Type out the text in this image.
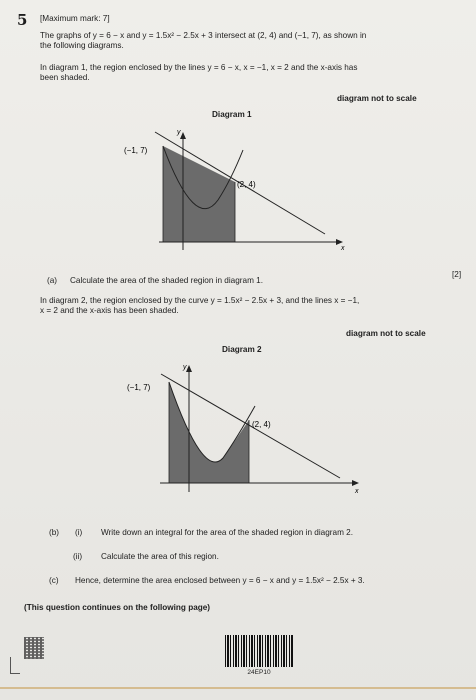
5 [Maximum mark: 7]
The graphs of y = 6 − x and y = 1.5x² − 2.5x + 3 intersect at (2, 4) and (−1, 7), as shown in
the following diagrams.
In diagram 1, the region enclosed by the lines y = 6 − x, x = −1, x = 2 and the x-axis has
been shaded.
diagram not to scale
Diagram 1
(−1, 7)
(2, 4)
y
x
(a) Calculate the area of the shaded region in diagram 1.
[2]
In diagram 2, the region enclosed by the curve y = 1.5x² − 2.5x + 3, and the lines x = −1,
x = 2 and the x-axis has been shaded.
diagram not to scale
Diagram 2
(−1, 7)
(2, 4)
y
x
(b) (i) Write down an integral for the area of the shaded region in diagram 2.
(ii) Calculate the area of this region.
(c) Hence, determine the area enclosed between y = 6 − x and y = 1.5x² − 2.5x + 3.
(This question continues on the following page)
24EP10
